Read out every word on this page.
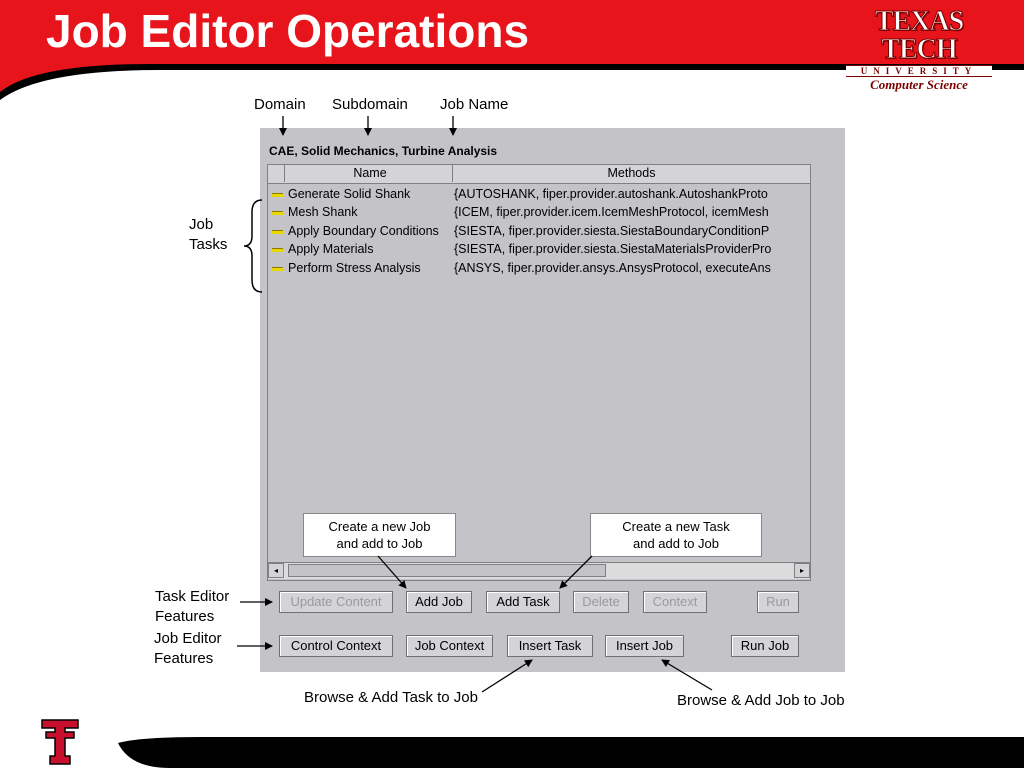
Job Editor Operations	TEXAS TECH
UNIVERSITY
Computer Science
Domain Subdomain Job Name
CAE, Solid Mechanics, Turbine Analysis
Name	Methods
Generate Solid Shank	{AUTOSHANK, fiper.provider.autoshank.AutoshankProto
Mesh Shank	{ICEM, fiper.provider.icem.IcemMeshProtocol, icemMesh
Apply Boundary Conditions	{SIESTA, fiper.provider.siesta.SiestaBoundaryConditionP
Apply Materials	{SIESTA, fiper.provider.siesta.SiestaMaterialsProviderPro
Perform Stress Analysis	{ANSYS, fiper.provider.ansys.AnsysProtocol, executeAns
◂	▸
Update Content	Add Job	Add Task	Delete	Context	Run
Control Context	Job Context	Insert Task	Insert Job	Run Job
Create a new Job
and add to Job
Create a new Task
and add to Job
Job
Tasks
Task Editor
Features
Job Editor
Features
Browse & Add Task to Job	Browse & Add Job to Job
